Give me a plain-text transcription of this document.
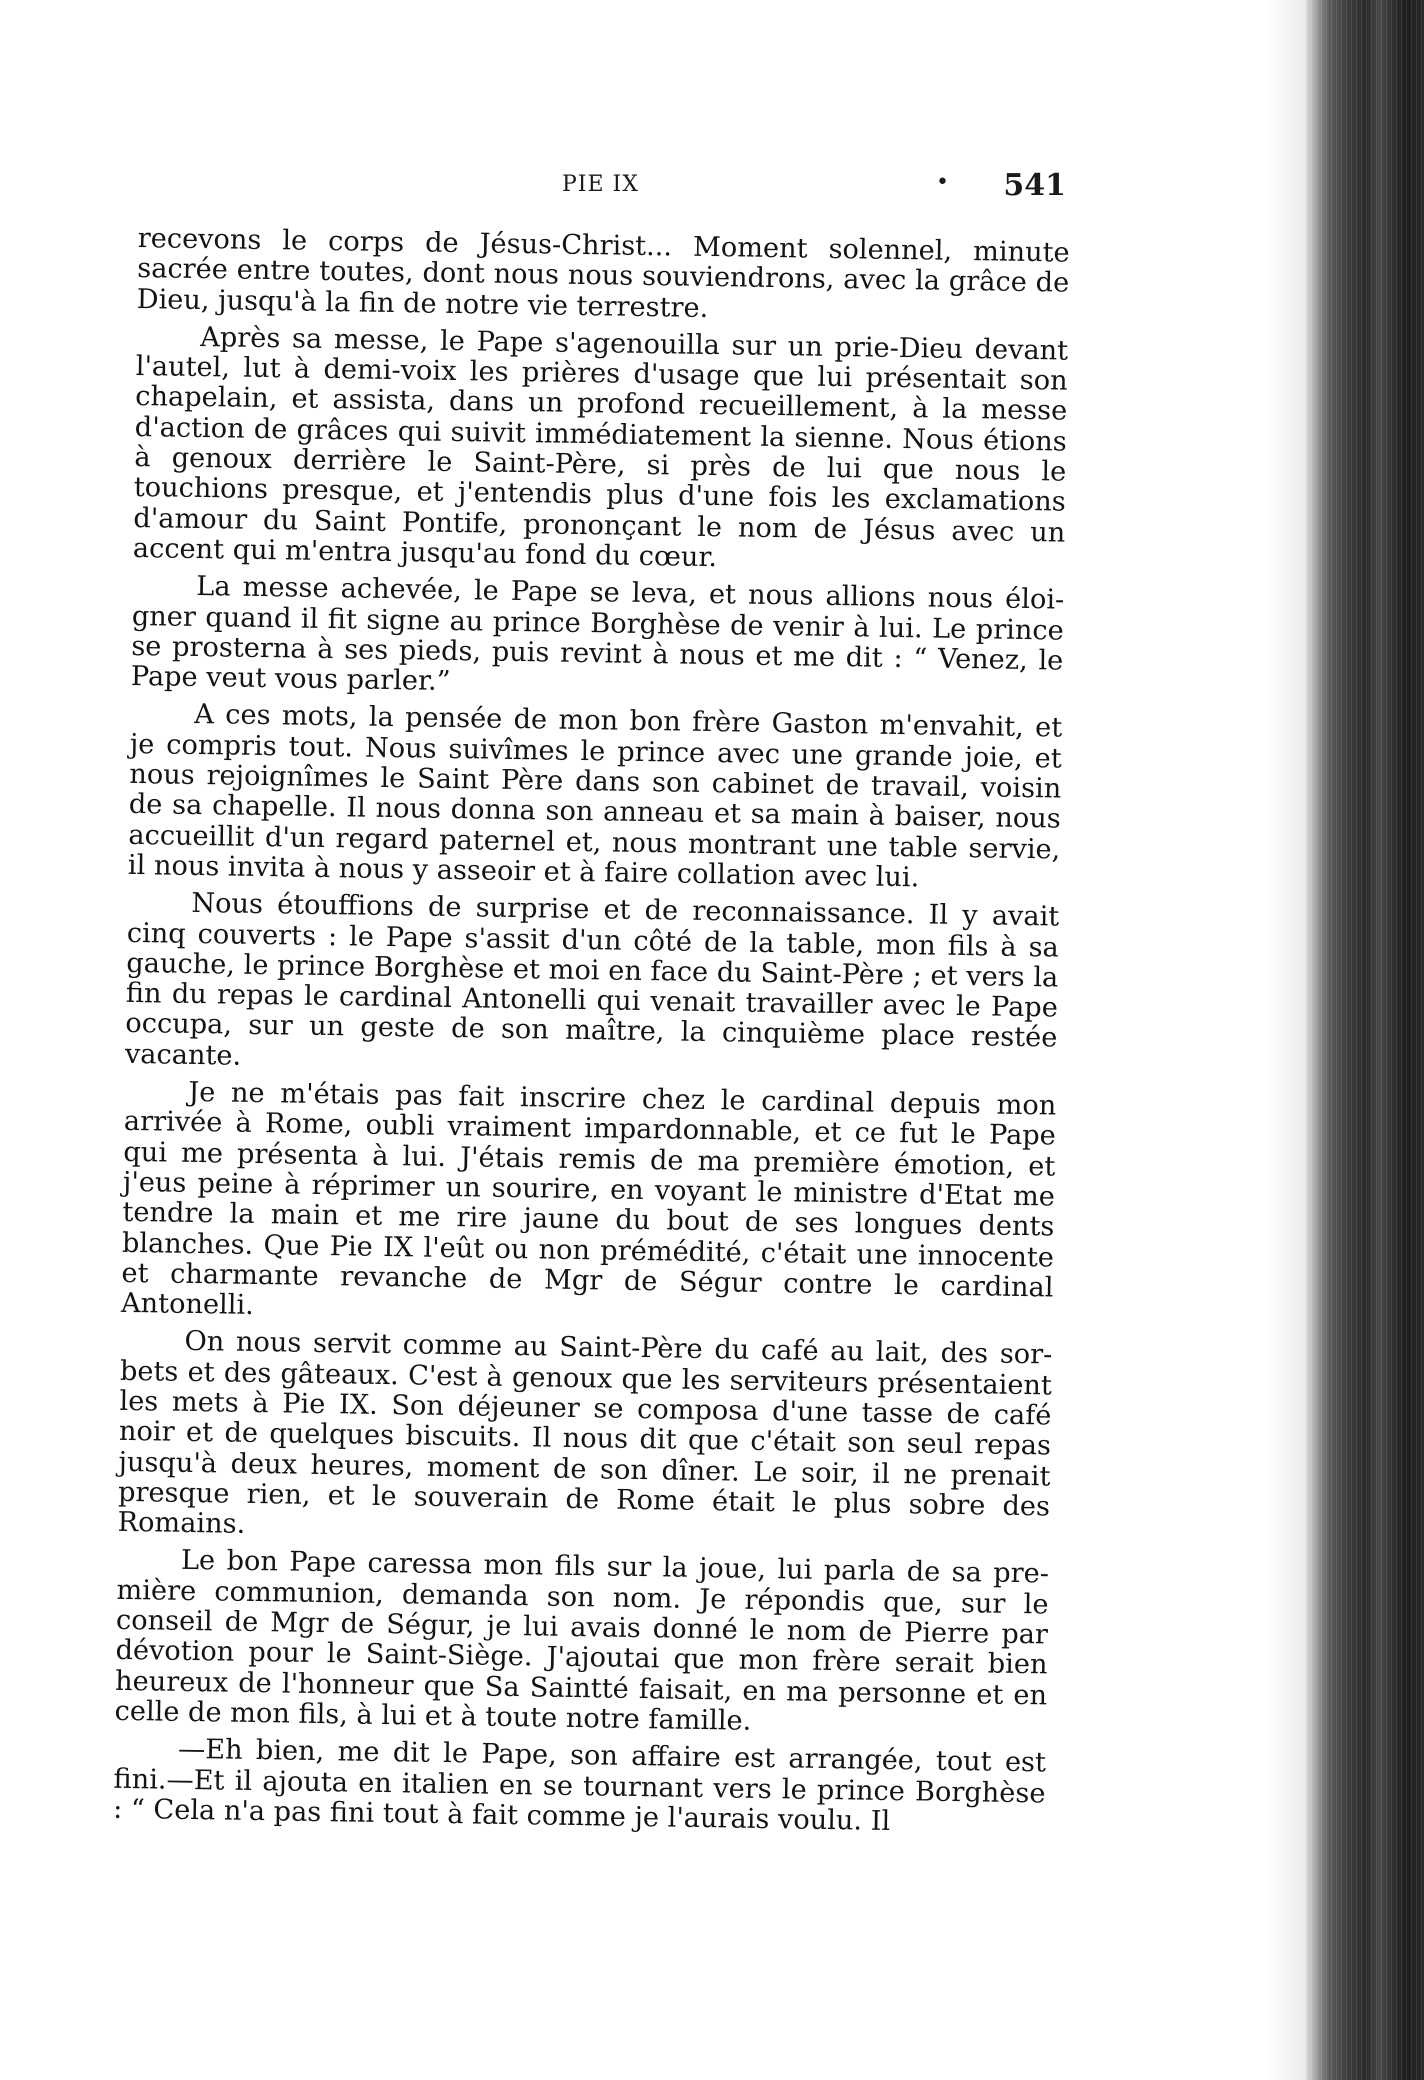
PIE IX	• 541

recevons le corps de Jésus-Christ... Moment solennel, minute sacrée entre toutes, dont nous nous souviendrons, avec la grâce de Dieu, jusqu'à la fin de notre vie terrestre.

Après sa messe, le Pape s'agenouilla sur un prie-Dieu devant l'autel, lut à demi-voix les prières d'usage que lui présentait son chapelain, et assista, dans un profond recueillement, à la messe d'action de grâces qui suivit immédiatement la sienne. Nous étions à genoux derrière le Saint-Père, si près de lui que nous le touchions presque, et j'entendis plus d'une fois les exclamations d'amour du Saint Pontife, prononçant le nom de Jésus avec un accent qui m'entra jusqu'au fond du cœur.

La messe achevée, le Pape se leva, et nous allions nous éloigner quand il fit signe au prince Borghèse de venir à lui. Le prince se prosterna à ses pieds, puis revint à nous et me dit : “ Venez, le Pape veut vous parler.”

A ces mots, la pensée de mon bon frère Gaston m'envahit, et je compris tout. Nous suivîmes le prince avec une grande joie, et nous rejoignîmes le Saint Père dans son cabinet de travail, voisin de sa chapelle. Il nous donna son anneau et sa main à baiser, nous accueillit d'un regard paternel et, nous montrant une table servie, il nous invita à nous y asseoir et à faire collation avec lui.

Nous étouffions de surprise et de reconnaissance. Il y avait cinq couverts : le Pape s'assit d'un côté de la table, mon fils à sa gauche, le prince Borghèse et moi en face du Saint-Père ; et vers la fin du repas le cardinal Antonelli qui venait travailler avec le Pape occupa, sur un geste de son maître, la cinquième place restée vacante.

Je ne m'étais pas fait inscrire chez le cardinal depuis mon arrivée à Rome, oubli vraiment impardonnable, et ce fut le Pape qui me présenta à lui. J'étais remis de ma première émotion, et j'eus peine à réprimer un sourire, en voyant le ministre d'Etat me tendre la main et me rire jaune du bout de ses longues dents blanches. Que Pie IX l'eût ou non prémédité, c'était une innocente et charmante revanche de Mgr de Ségur contre le cardinal Antonelli.

On nous servit comme au Saint-Père du café au lait, des sorbets et des gâteaux. C'est à genoux que les serviteurs présentaient les mets à Pie IX. Son déjeuner se composa d'une tasse de café noir et de quelques biscuits. Il nous dit que c'était son seul repas jusqu'à deux heures, moment de son dîner. Le soir, il ne prenait presque rien, et le souverain de Rome était le plus sobre des Romains.

Le bon Pape caressa mon fils sur la joue, lui parla de sa première communion, demanda son nom. Je répondis que, sur le conseil de Mgr de Ségur, je lui avais donné le nom de Pierre par dévotion pour le Saint-Siège. J'ajoutai que mon frère serait bien heureux de l'honneur que Sa Saintté faisait, en ma personne et en celle de mon fils, à lui et à toute notre famille.

—Eh bien, me dit le Pape, son affaire est arrangée, tout est fini.—Et il ajouta en italien en se tournant vers le prince Borghèse : “ Cela n'a pas fini tout à fait comme je l'aurais voulu. Il
